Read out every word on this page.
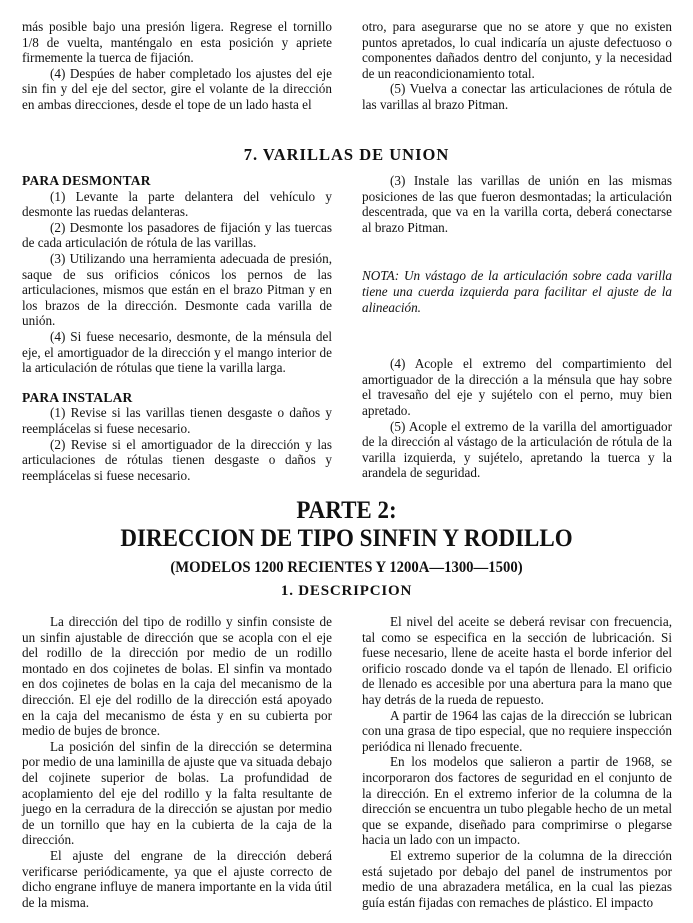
más posible bajo una presión ligera. Regrese el tornillo 1/8 de vuelta, manténgalo en esta posición y apriete firmemente la tuerca de fijación.

(4) Despúes de haber completado los ajustes del eje sin fin y del eje del sector, gire el volante de la dirección en ambas direcciones, desde el tope de un lado hasta el

otro, para asegurarse que no se atore y que no existen puntos apretados, lo cual indicaría un ajuste defectuoso o componentes dañados dentro del conjunto, y la necesidad de un reacondicionamiento total.

(5) Vuelva a conectar las articulaciones de rótula de las varillas al brazo Pitman.

7. VARILLAS DE UNION

PARA DESMONTAR

(1) Levante la parte delantera del vehículo y desmonte las ruedas delanteras.

(2) Desmonte los pasadores de fijación y las tuercas de cada articulación de rótula de las varillas.

(3) Utilizando una herramienta adecuada de presión, saque de sus orificios cónicos los pernos de las articulaciones, mismos que están en el brazo Pitman y en los brazos de la dirección. Desmonte cada varilla de unión.

(4) Si fuese necesario, desmonte, de la ménsula del eje, el amortiguador de la dirección y el mango interior de la articulación de rótulas que tiene la varilla larga.

PARA INSTALAR

(1) Revise si las varillas tienen desgaste o daños y reemplácelas si fuese necesario.

(2) Revise si el amortiguador de la dirección y las articulaciones de rótulas tienen desgaste o daños y reemplácelas si fuese necesario.

(3) Instale las varillas de unión en las mismas posiciones de las que fueron desmontadas; la articulación descentrada, que va en la varilla corta, deberá conectarse al brazo Pitman.

NOTA: Un vástago de la articulación sobre cada varilla tiene una cuerda izquierda para facilitar el ajuste de la alineación.

(4) Acople el extremo del compartimiento del amortiguador de la dirección a la ménsula que hay sobre el travesaño del eje y sujételo con el perno, muy bien apretado.

(5) Acople el extremo de la varilla del amortiguador de la dirección al vástago de la articulación de rótula de la varilla izquierda, y sujételo, apretando la tuerca y la arandela de seguridad.

PARTE 2:
DIRECCION DE TIPO SINFIN Y RODILLO
(MODELOS 1200 RECIENTES Y 1200A—1300—1500)
1. DESCRIPCION

La dirección del tipo de rodillo y sinfin consiste de un sinfin ajustable de dirección que se acopla con el eje del rodillo de la dirección por medio de un rodillo montado en dos cojinetes de bolas. El sinfin va montado en dos cojinetes de bolas en la caja del mecanismo de la dirección. El eje del rodillo de la dirección está apoyado en la caja del mecanismo de ésta y en su cubierta por medio de bujes de bronce.

La posición del sinfin de la dirección se determina por medio de una laminilla de ajuste que va situada debajo del cojinete superior de bolas. La profundidad de acoplamiento del eje del rodillo y la falta resultante de juego en la cerradura de la dirección se ajustan por medio de un tornillo que hay en la cubierta de la caja de la dirección.

El ajuste del engrane de la dirección deberá verificarse periódicamente, ya que el ajuste correcto de dicho engrane influye de manera importante en la vida útil de la misma.

El nivel del aceite se deberá revisar con frecuencia, tal como se especifica en la sección de lubricación. Si fuese necesario, llene de aceite hasta el borde inferior del orificio roscado donde va el tapón de llenado. El orificio de llenado es accesible por una abertura para la mano que hay detrás de la rueda de repuesto.

A partir de 1964 las cajas de la dirección se lubrican con una grasa de tipo especial, que no requiere inspección periódica ni llenado frecuente.

En los modelos que salieron a partir de 1968, se incorporaron dos factores de seguridad en el conjunto de la dirección. En el extremo inferior de la columna de la dirección se encuentra un tubo plegable hecho de un metal que se expande, diseñado para comprimirse o plegarse hacia un lado con un impacto.

El extremo superior de la columna de la dirección está sujetado por debajo del panel de instrumentos por medio de una abrazadera metálica, en la cual las piezas guía están fijadas con remaches de plástico. El impacto
